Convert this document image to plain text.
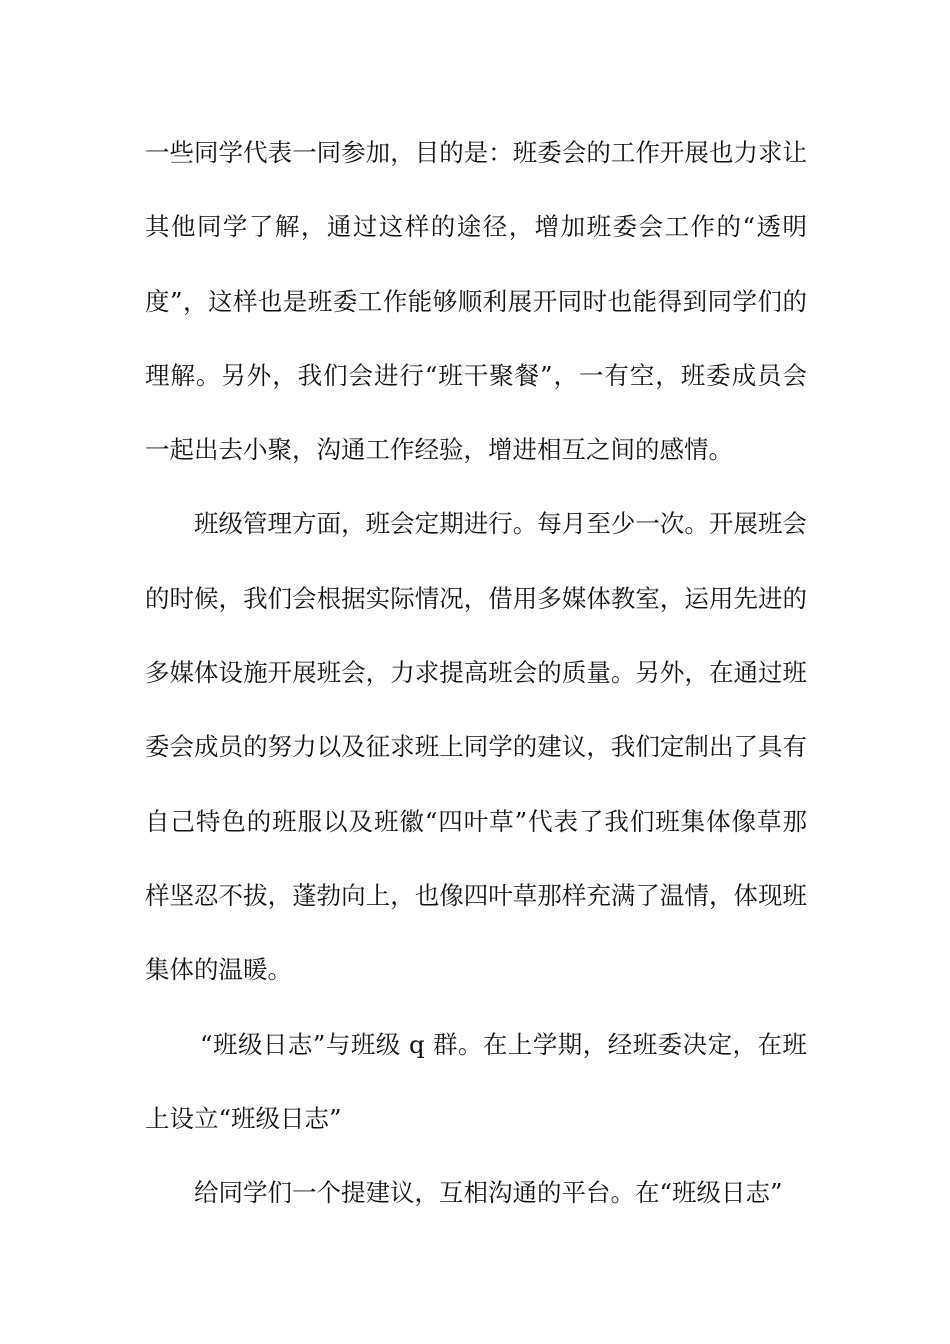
一些同学代表一同参加，目的是：班委会的工作开展也力求让
其他同学了解，通过这样的途径，增加班委会工作的“透明
度”，这样也是班委工作能够顺利展开同时也能得到同学们的
理解。另外，我们会进行“班干聚餐”，一有空，班委成员会
一起出去小聚，沟通工作经验，增进相互之间的感情。
班级管理方面，班会定期进行。每月至少一次。开展班会
的时候，我们会根据实际情况，借用多媒体教室，运用先进的
多媒体设施开展班会，力求提高班会的质量。另外，在通过班
委会成员的努力以及征求班上同学的建议，我们定制出了具有
自己特色的班服以及班徽“四叶草”代表了我们班集体像草那
样坚忍不拔，蓬勃向上，也像四叶草那样充满了温情，体现班
集体的温暖。
“班级日志”与班级 q 群。在上学期，经班委决定，在班
上设立“班级日志”
给同学们一个提建议，互相沟通的平台。在“班级日志”
